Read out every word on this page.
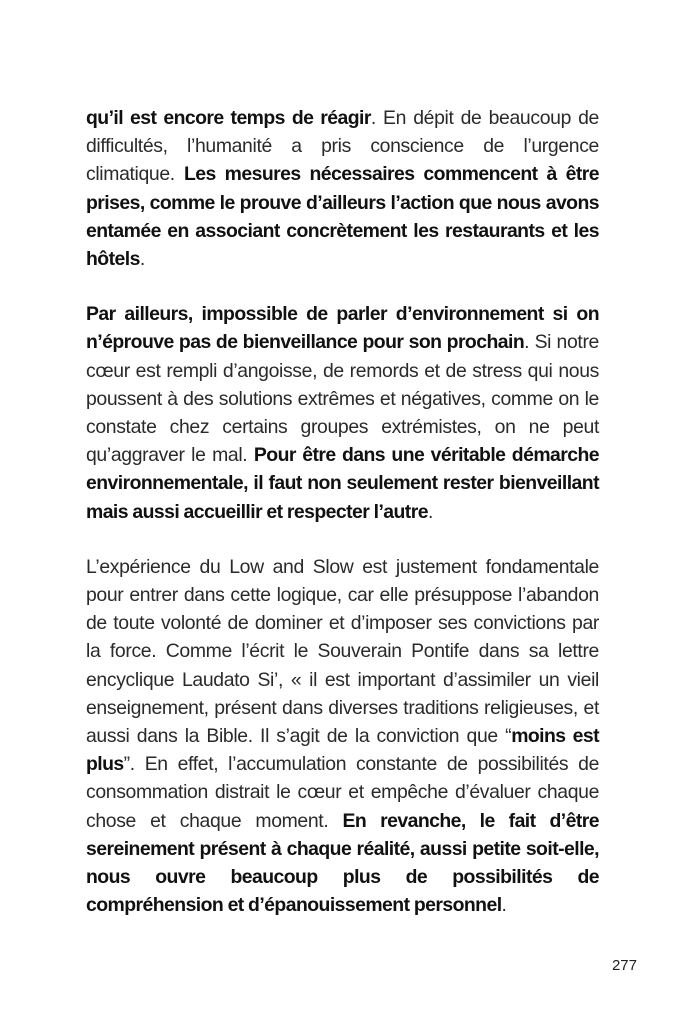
qu’il est encore temps de réagir. En dépit de beaucoup de difficultés, l’humanité a pris conscience de l’urgence climatique. Les mesures nécessaires commencent à être prises, comme le prouve d’ailleurs l’action que nous avons entamée en associant concrètement les restaurants et les hôtels.

Par ailleurs, impossible de parler d’environnement si on n’éprouve pas de bienveillance pour son prochain. Si notre cœur est rempli d’angoisse, de remords et de stress qui nous poussent à des solutions extrêmes et négatives, comme on le constate chez certains groupes extrémistes, on ne peut qu’aggraver le mal. Pour être dans une véritable démarche environnementale, il faut non seulement rester bienveillant mais aussi accueillir et respecter l’autre.

L’expérience du Low and Slow est justement fondamentale pour entrer dans cette logique, car elle présuppose l’abandon de toute volonté de dominer et d’imposer ses convictions par la force. Comme l’écrit le Souverain Pontife dans sa lettre encyclique Laudato Si’, « il est important d’assimiler un vieil enseignement, présent dans diverses traditions religieuses, et aussi dans la Bible. Il s’agit de la conviction que “moins est plus”. En effet, l’accumulation constante de possibilités de consommation distrait le cœur et empêche d’évaluer chaque chose et chaque moment. En revanche, le fait d’être sereinement présent à chaque réalité, aussi petite soit-elle, nous ouvre beaucoup plus de possibilités de compréhension et d’épanouissement personnel.

277
